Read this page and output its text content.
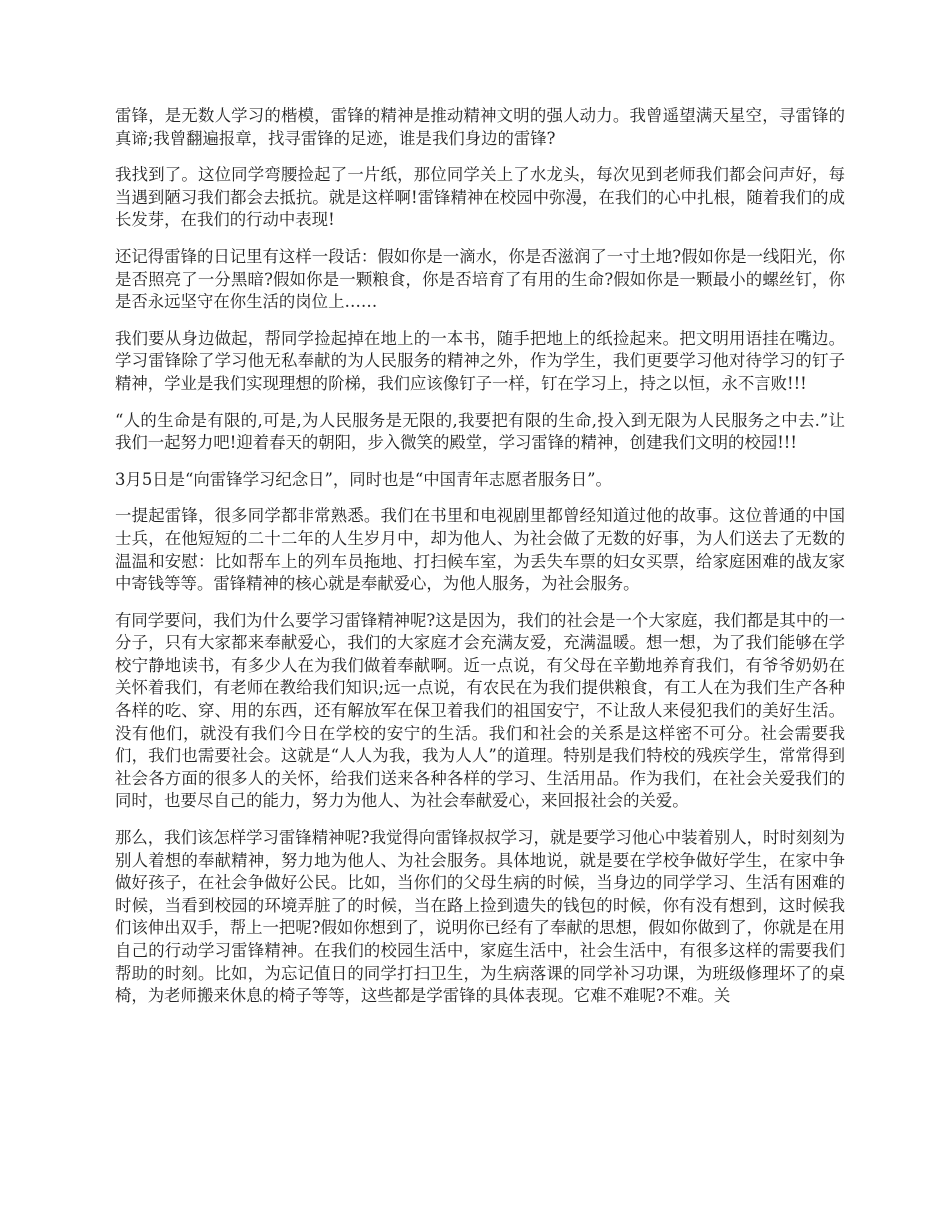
雷锋，是无数人学习的楷模，雷锋的精神是推动精神文明的强人动力。我曾遥望满天星空，寻雷锋的真谛;我曾翻遍报章，找寻雷锋的足迹，谁是我们身边的雷锋?

我找到了。这位同学弯腰捡起了一片纸，那位同学关上了水龙头，每次见到老师我们都会问声好，每当遇到陋习我们都会去抵抗。就是这样啊!雷锋精神在校园中弥漫，在我们的心中扎根，随着我们的成长发芽，在我们的行动中表现!

还记得雷锋的日记里有这样一段话：假如你是一滴水，你是否滋润了一寸土地?假如你是一线阳光，你是否照亮了一分黑暗?假如你是一颗粮食，你是否培育了有用的生命?假如你是一颗最小的螺丝钉，你是否永远坚守在你生活的岗位上……

我们要从身边做起，帮同学捡起掉在地上的一本书，随手把地上的纸捡起来。把文明用语挂在嘴边。学习雷锋除了学习他无私奉献的为人民服务的精神之外，作为学生，我们更要学习他对待学习的钉子精神，学业是我们实现理想的阶梯，我们应该像钉子一样，钉在学习上，持之以恒，永不言败!!!

“人的生命是有限的,可是,为人民服务是无限的,我要把有限的生命,投入到无限为人民服务之中去.”让我们一起努力吧!迎着春天的朝阳，步入微笑的殿堂，学习雷锋的精神，创建我们文明的校园!!!

3月5日是“向雷锋学习纪念日”，同时也是“中国青年志愿者服务日”。

一提起雷锋，很多同学都非常熟悉。我们在书里和电视剧里都曾经知道过他的故事。这位普通的中国士兵，在他短短的二十二年的人生岁月中，却为他人、为社会做了无数的好事，为人们送去了无数的温温和安慰：比如帮车上的列车员拖地、打扫候车室，为丢失车票的妇女买票，给家庭困难的战友家中寄钱等等。雷锋精神的核心就是奉献爱心，为他人服务，为社会服务。

有同学要问，我们为什么要学习雷锋精神呢?这是因为，我们的社会是一个大家庭，我们都是其中的一分子，只有大家都来奉献爱心，我们的大家庭才会充满友爱，充满温暖。想一想，为了我们能够在学校宁静地读书，有多少人在为我们做着奉献啊。近一点说，有父母在辛勤地养育我们，有爷爷奶奶在关怀着我们，有老师在教给我们知识;远一点说，有农民在为我们提供粮食，有工人在为我们生产各种各样的吃、穿、用的东西，还有解放军在保卫着我们的祖国安宁，不让敌人来侵犯我们的美好生活。没有他们，就没有我们今日在学校的安宁的生活。我们和社会的关系是这样密不可分。社会需要我们，我们也需要社会。这就是“人人为我，我为人人”的道理。特别是我们特校的残疾学生，常常得到社会各方面的很多人的关怀，给我们送来各种各样的学习、生活用品。作为我们，在社会关爱我们的同时，也要尽自己的能力，努力为他人、为社会奉献爱心，来回报社会的关爱。

那么，我们该怎样学习雷锋精神呢?我觉得向雷锋叔叔学习，就是要学习他心中装着别人，时时刻刻为别人着想的奉献精神，努力地为他人、为社会服务。具体地说，就是要在学校争做好学生，在家中争做好孩子，在社会争做好公民。比如，当你们的父母生病的时候，当身边的同学学习、生活有困难的时候，当看到校园的环境弄脏了的时候，当在路上捡到遗失的钱包的时候，你有没有想到，这时候我们该伸出双手，帮上一把呢?假如你想到了，说明你已经有了奉献的思想，假如你做到了，你就是在用自己的行动学习雷锋精神。在我们的校园生活中，家庭生活中，社会生活中，有很多这样的需要我们帮助的时刻。比如，为忘记值日的同学打扫卫生，为生病落课的同学补习功课，为班级修理坏了的桌椅，为老师搬来休息的椅子等等，这些都是学雷锋的具体表现。它难不难呢?不难。关
